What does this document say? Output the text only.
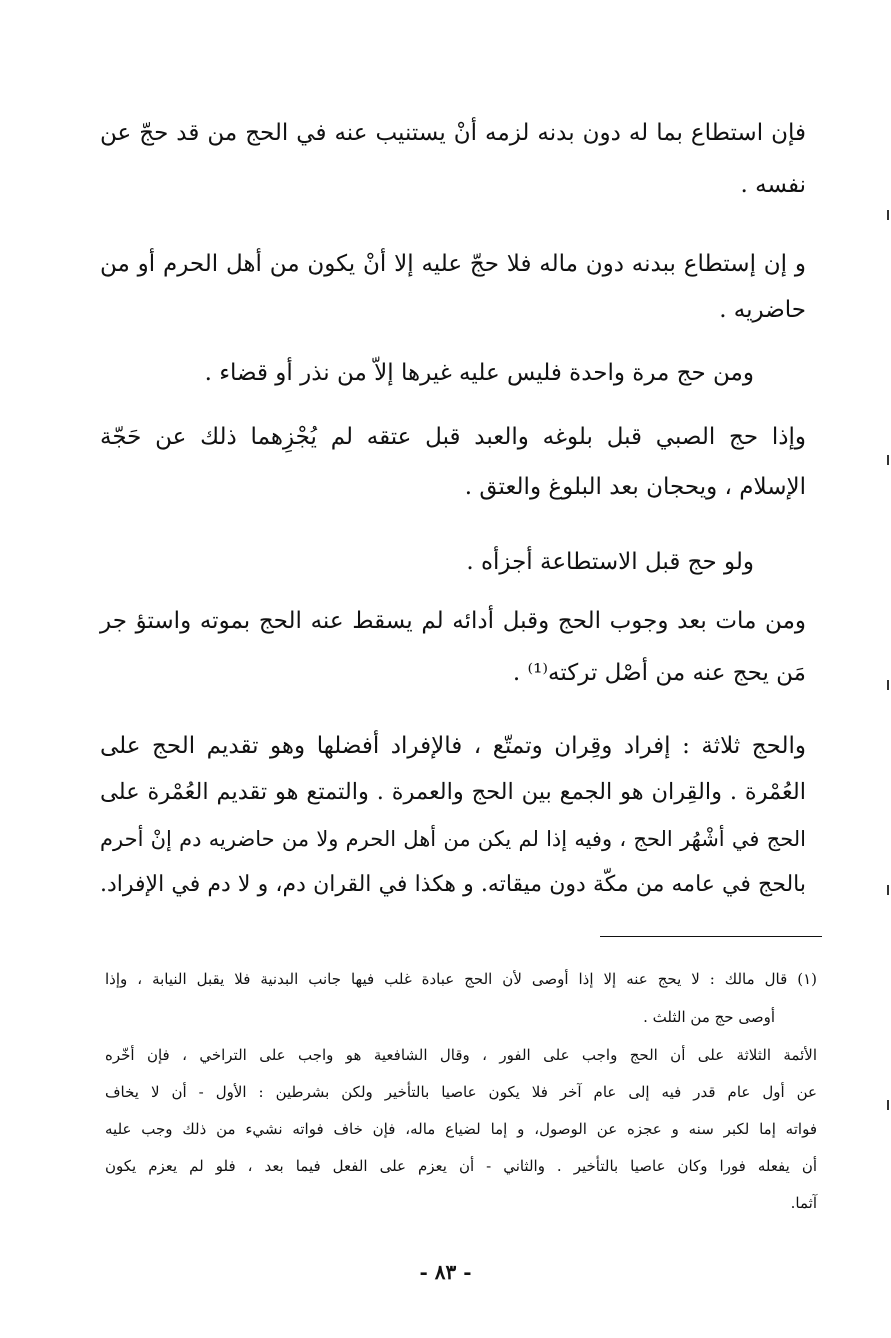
فإن استطاع بما له دون بدنه لزمه أنْ يستنيب عنه في الحج من قد حجّ عن
نفسه .
و إن إستطاع ببدنه دون ماله فلا حجّ عليه إلا أنْ يكون من أهل الحرم أو من
حاضريه .
ومن حج مرة واحدة فليس عليه غيرها إلاّ من نذر أو قضاء .
وإذا حج الصبي قبل بلوغه والعبد قبل عتقه لم يُجْزِهما ذلك عن حَجّة
الإسلام ، ويحجان بعد البلوغ والعتق .
ولو حج قبل الاستطاعة أجزأه .
ومن مات بعد وجوب الحج وقبل أدائه لم يسقط عنه الحج بموته واستؤ جر
مَن يحج عنه من أصْل تركته⁽¹⁾ .
والحج ثلاثة : إفراد وقِران وتمتّع ، فالإفراد أفضلها وهو تقديم الحج على
العُمْرة . والقِران هو الجمع بين الحج والعمرة . والتمتع هو تقديم العُمْرة على
الحج في أشْهُر الحج ، وفيه إذا لم يكن من أهل الحرم ولا من حاضريه دم إنْ أحرم
بالحج في عامه من مكّة دون ميقاته. و هكذا في القران دم، و لا دم في الإفراد.
(١) قال مالك : لا يحج عنه إلا إذا أوصى لأن الحج عبادة غلب فيها جانب البدنية فلا يقبل النيابة ، وإذا
أوصى حج من الثلث .
الأئمة الثلاثة على أن الحج واجب على الفور ، وقال الشافعية هو واجب على التراخي ، فإن أخّره
عن أول عام قدر فيه إلى عام آخر فلا يكون عاصيا بالتأخير ولكن بشرطين : الأول - أن لا يخاف
فواته إما لكبر سنه و عجزه عن الوصول، و إما لضياع ماله، فإن خاف فواته نشيء من ذلك وجب عليه
أن يفعله فورا وكان عاصيا بالتأخير . والثاني - أن يعزم على الفعل فيما بعد ، فلو لم يعزم يكون
آثما.
- ٨٣ -
